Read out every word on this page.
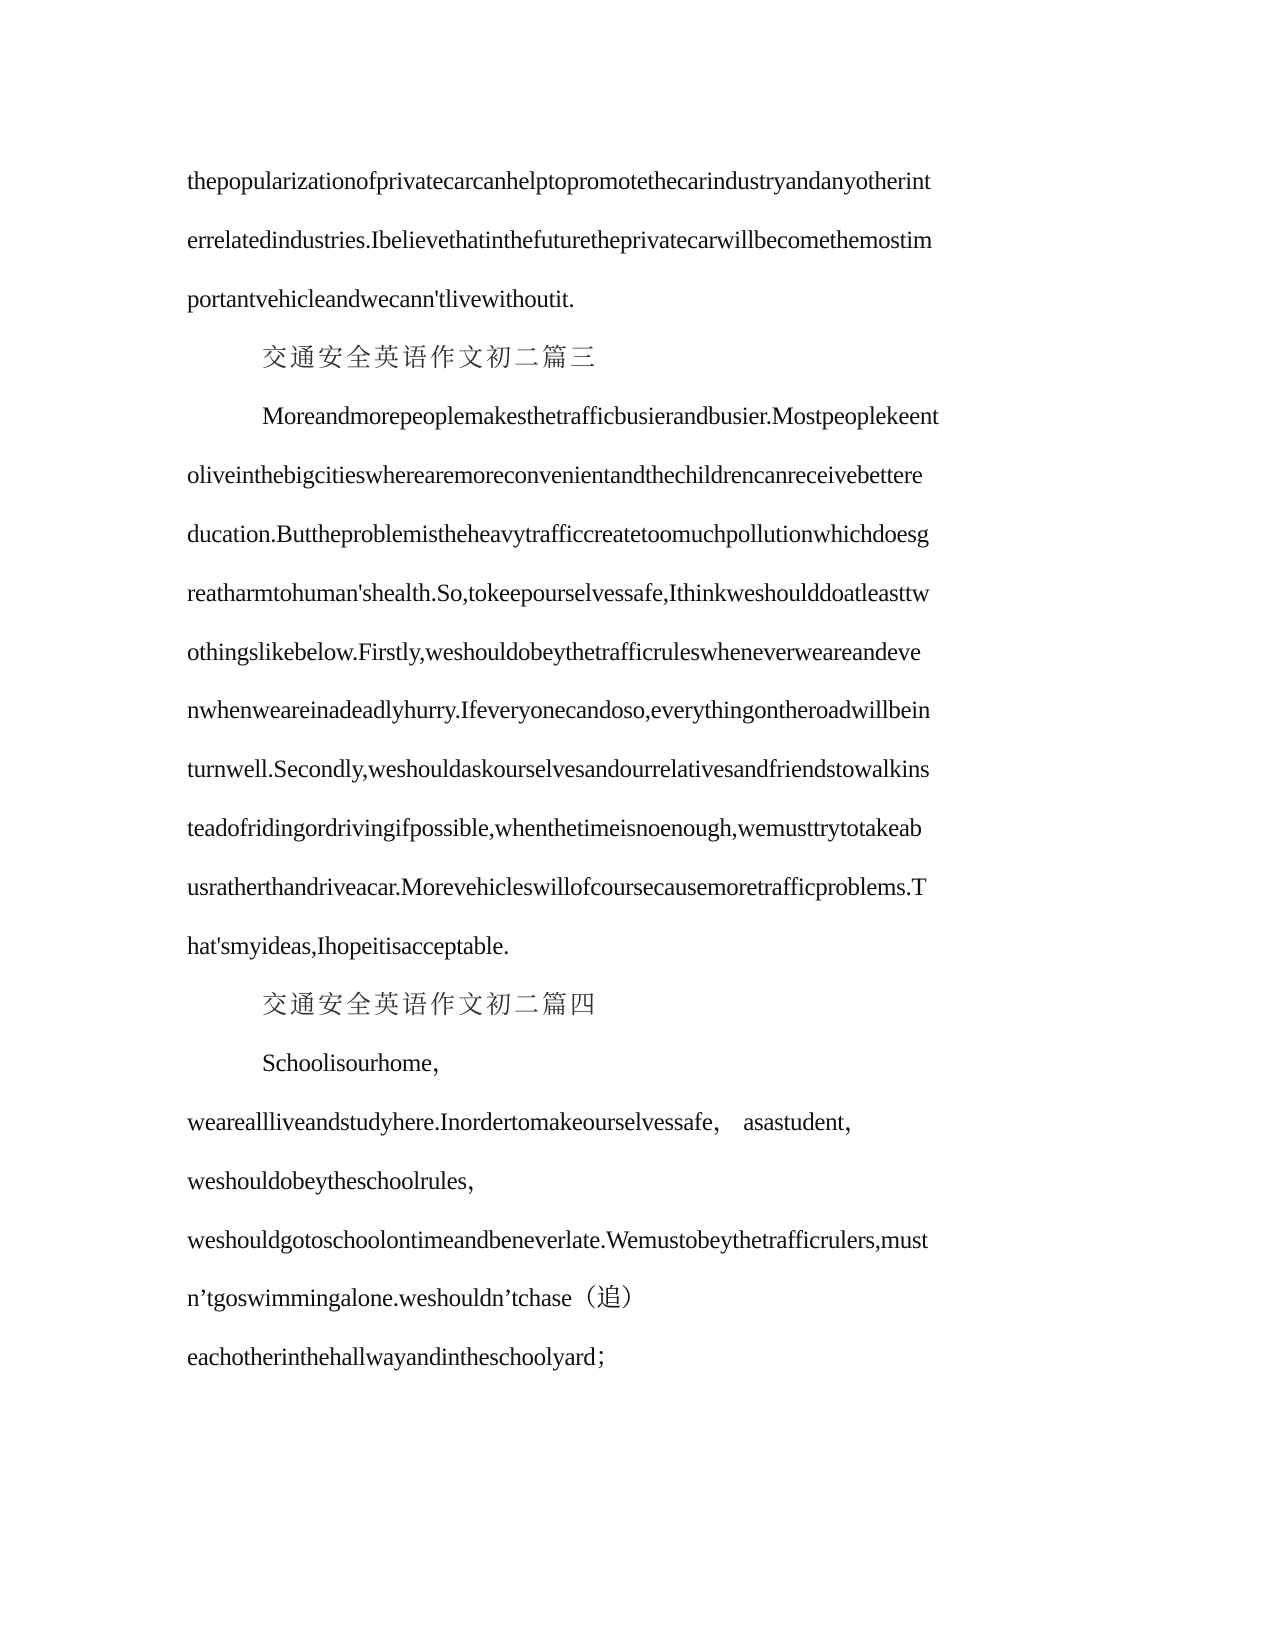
thepopularizationofprivatecarcanhelptopromotethecarindustryandanyotherint
errelatedindustries.Ibelievethatinthefuturetheprivatecarwillbecomethemostim
portantvehicleandwecann'tlivewithoutit.
交通安全英语作文初二篇三
Moreandmorepeoplemakesthetrafficbusierandbusier.Mostpeoplekeent
oliveinthebigcitieswherearemoreconvenientandthechildrencanreceivebettere
ducation.Buttheproblemistheheavytrafficcreatetoomuchpollutionwhichdoesg
reatharmtohuman'shealth.So,tokeepourselvessafe,Ithinkweshoulddoatleasttw
othingslikebelow.Firstly,weshouldobeythetrafficruleswheneverweareandeve
nwhenweareinadeadlyhurry.Ifeveryonecandoso,everythingontheroadwillbein
turnwell.Secondly,weshouldaskourselvesandourrelativesandfriendstowalkins
teadofridingordrivingifpossible,whenthetimeisnoenough,wemusttrytotakeab
usratherthandriveacar.Morevehicleswillofcoursecausemoretrafficproblems.T
hat'smyideas,Ihopeitisacceptable.
交通安全英语作文初二篇四
Schoolisourhome，
weareallliveandstudyhere.Inordertomakeourselvessafe， asastudent，
weshouldobeytheschoolrules，
weshouldgotoschoolontimeandbeneverlate.Wemustobeythetrafficrulers,must
n’tgoswimmingalone.weshouldn’tchase（追）
eachotherinthehallwayandintheschoolyard；
